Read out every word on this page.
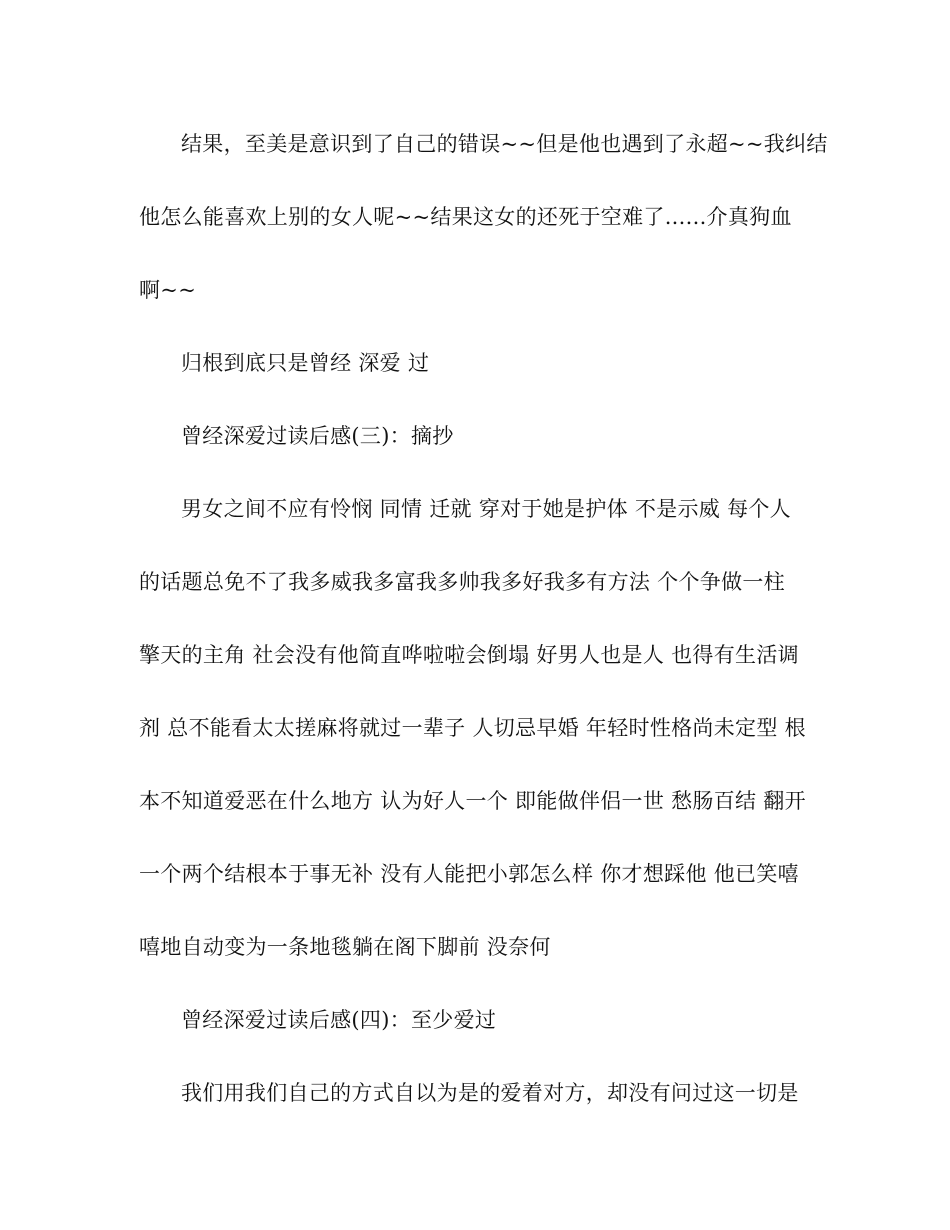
结果，至美是意识到了自己的错误~~但是他也遇到了永超~~我纠结
他怎么能喜欢上别的女人呢~~结果这女的还死于空难了......介真狗血
啊~~
归根到底只是曾经 深爱 过
曾经深爱过读后感(三)：摘抄
男女之间不应有怜悯 同情 迁就 穿对于她是护体 不是示威 每个人
的话题总免不了我多威我多富我多帅我多好我多有方法 个个争做一柱
擎天的主角 社会没有他简直哗啦啦会倒塌 好男人也是人 也得有生活调
剂 总不能看太太搓麻将就过一辈子 人切忌早婚 年轻时性格尚未定型 根
本不知道爱恶在什么地方 认为好人一个 即能做伴侣一世 愁肠百结 翻开
一个两个结根本于事无补 没有人能把小郭怎么样 你才想踩他 他已笑嘻
嘻地自动变为一条地毯躺在阁下脚前 没奈何
曾经深爱过读后感(四)：至少爱过
我们用我们自己的方式自以为是的爱着对方，却没有问过这一切是
